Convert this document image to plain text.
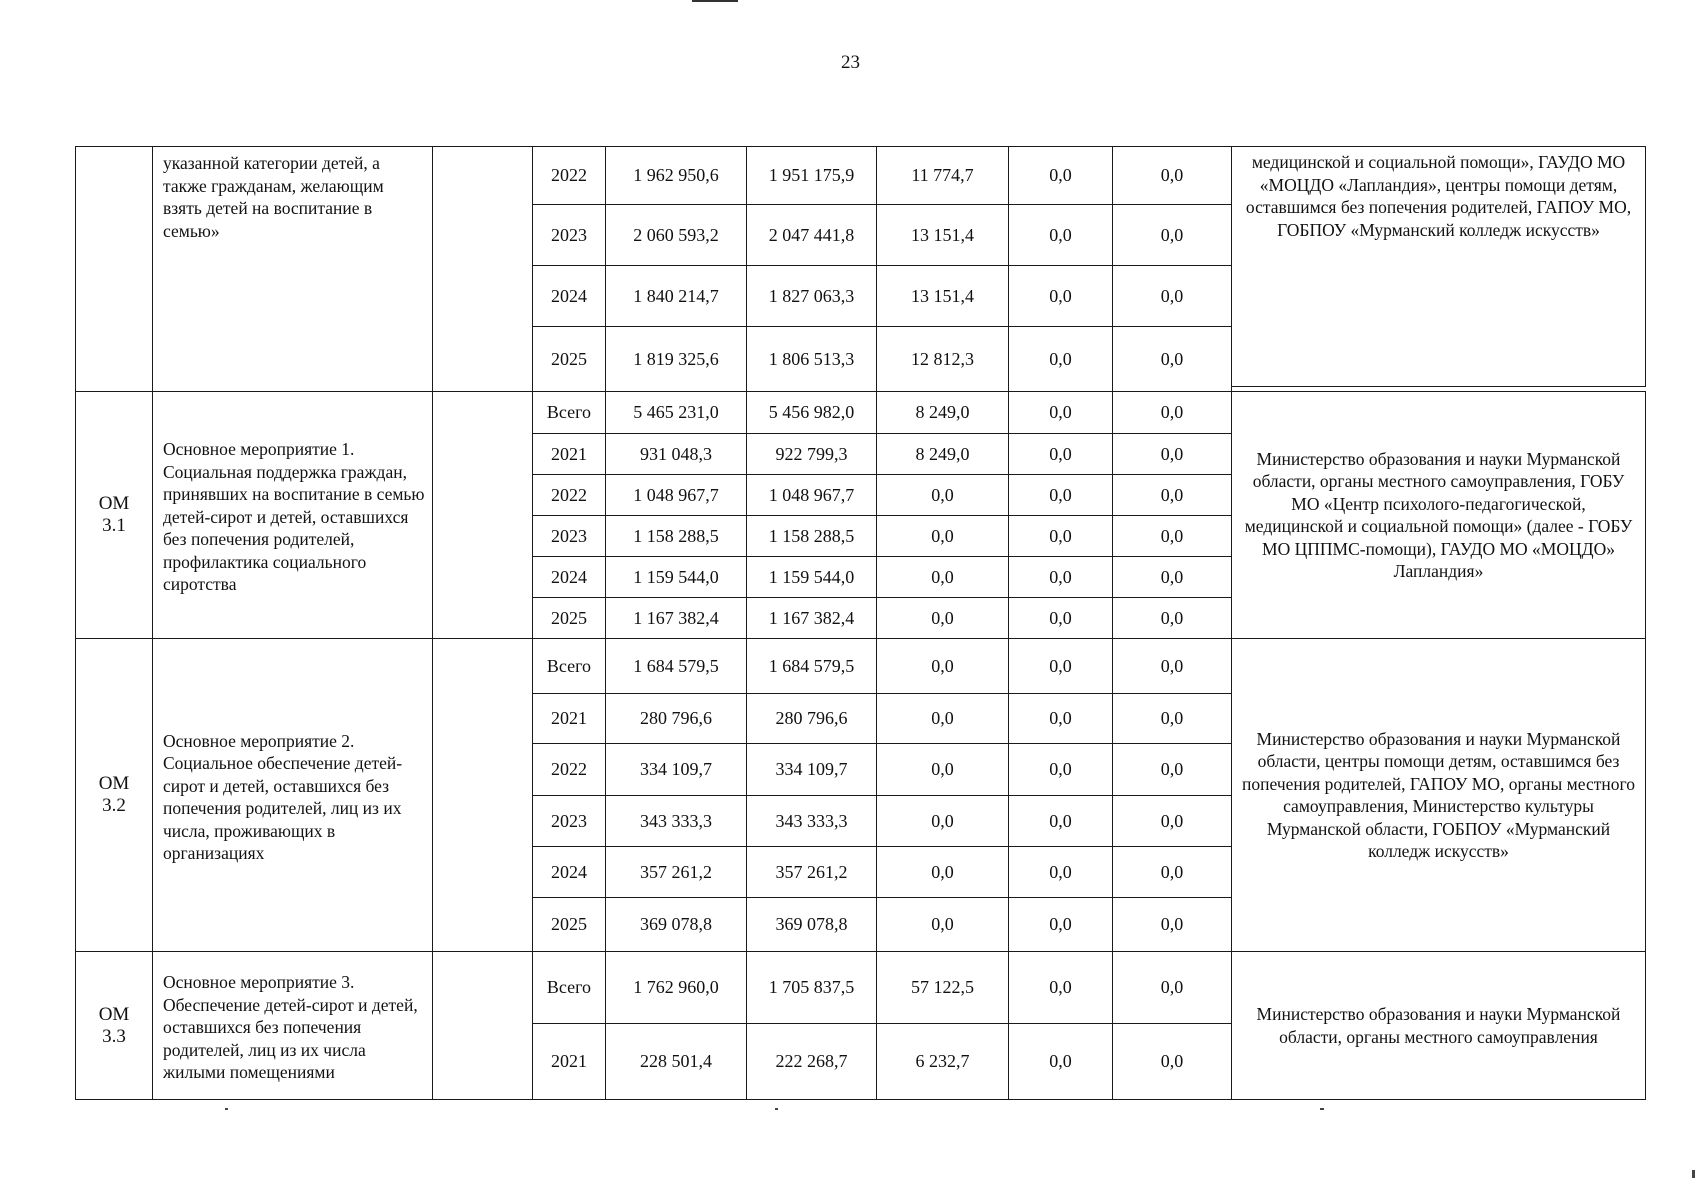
23
указанной категории детей, а также гражданам, желающим взять детей на воспитание в семью»
2022	1 962 950,6	1 951 175,9	11 774,7	0,0	0,0
2023	2 060 593,2	2 047 441,8	13 151,4	0,0	0,0
2024	1 840 214,7	1 827 063,3	13 151,4	0,0	0,0
2025	1 819 325,6	1 806 513,3	12 812,3	0,0	0,0
медицинской и социальной помощи», ГАУДО МО «МОЦДО «Лапландия», центры помощи детям, оставшимся без попечения родителей, ГАПОУ МО, ГОБПОУ «Мурманский колледж искусств»
ОМ 3.1
Основное мероприятие 1. Социальная поддержка граждан, принявших на воспитание в семью детей-сирот и детей, оставшихся без попечения родителей, профилактика социального сиротства
Всего	5 465 231,0	5 456 982,0	8 249,0	0,0	0,0
2021	931 048,3	922 799,3	8 249,0	0,0	0,0
2022	1 048 967,7	1 048 967,7	0,0	0,0	0,0
2023	1 158 288,5	1 158 288,5	0,0	0,0	0,0
2024	1 159 544,0	1 159 544,0	0,0	0,0	0,0
2025	1 167 382,4	1 167 382,4	0,0	0,0	0,0
Министерство образования и науки Мурманской области, органы местного самоуправления, ГОБУ МО «Центр психолого-педагогической, медицинской и социальной помощи» (далее - ГОБУ МО ЦППМС-помощи), ГАУДО МО «МОЦДО» Лапландия»
ОМ 3.2
Основное мероприятие 2. Социальное обеспечение детей-сирот и детей, оставшихся без попечения родителей, лиц из их числа, проживающих в организациях
Всего	1 684 579,5	1 684 579,5	0,0	0,0	0,0
2021	280 796,6	280 796,6	0,0	0,0	0,0
2022	334 109,7	334 109,7	0,0	0,0	0,0
2023	343 333,3	343 333,3	0,0	0,0	0,0
2024	357 261,2	357 261,2	0,0	0,0	0,0
2025	369 078,8	369 078,8	0,0	0,0	0,0
Министерство образования и науки Мурманской области, центры помощи детям, оставшимся без попечения родителей, ГАПОУ МО, органы местного самоуправления, Министерство культуры Мурманской области, ГОБПОУ «Мурманский колледж искусств»
ОМ 3.3
Основное мероприятие 3. Обеспечение детей-сирот и детей, оставшихся без попечения родителей, лиц из их числа жилыми помещениями
Всего	1 762 960,0	1 705 837,5	57 122,5	0,0	0,0
2021	228 501,4	222 268,7	6 232,7	0,0	0,0
Министерство образования и науки Мурманской области, органы местного самоуправления
